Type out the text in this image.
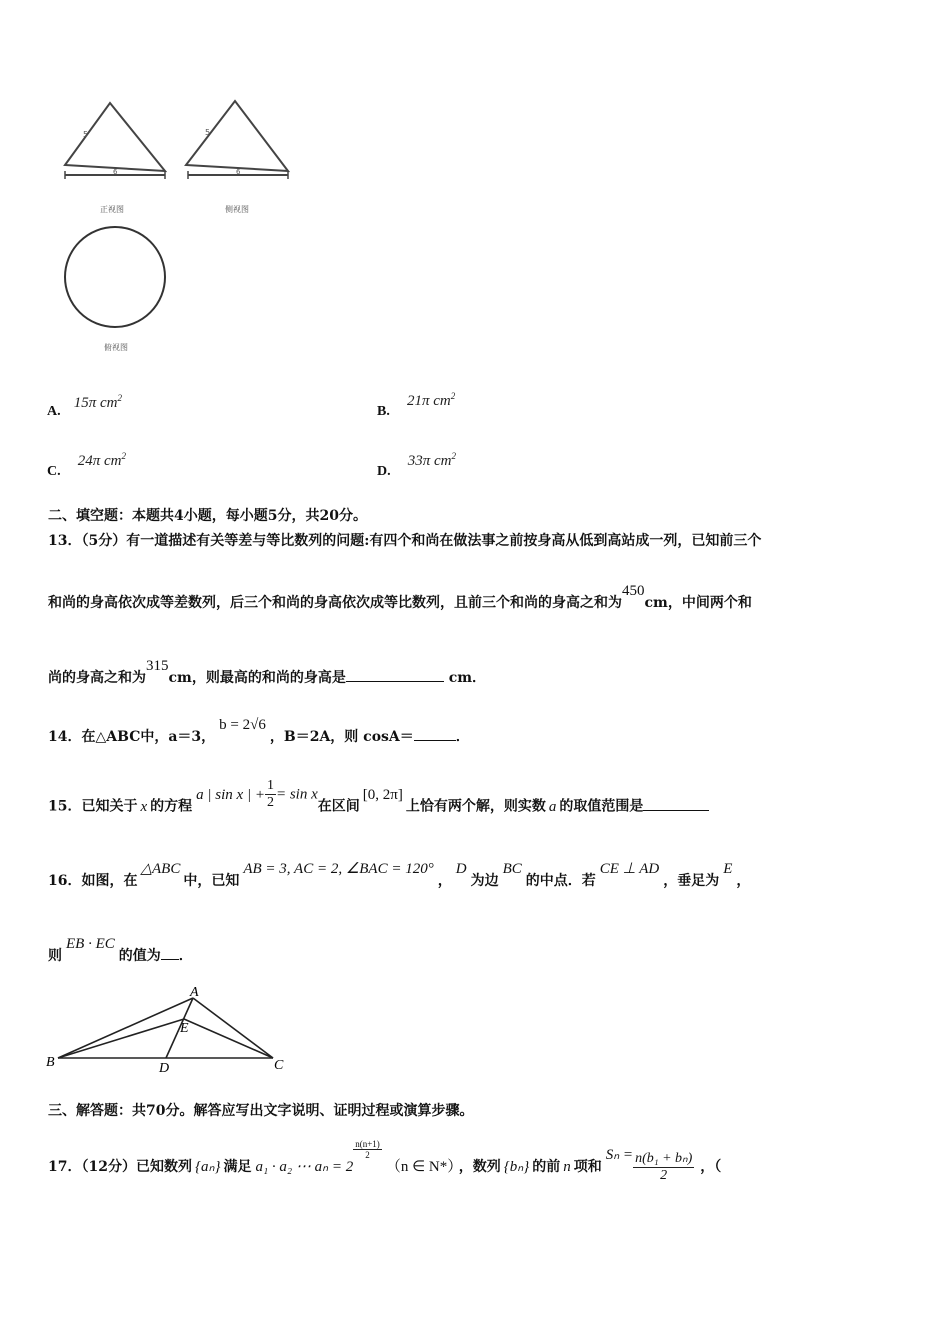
5
6
正视图
5
6
侧视图
俯视图
A. 15π $cm^2$
B. 21π $cm^2$
C. 24π $cm^2$
D. 33π $cm^2$
二、填空题：本题共4小题，每小题5分，共20分。
13．（5分）有一道描述有关等差与等比数列的问题:有四个和尚在做法事之前按身高从低到高站成一列，已知前三个
和尚的身高依次成等差数列，后三个和尚的身高依次成等比数列，且前三个和尚的身高之和为450cm，中间两个和
尚的身高之和为315cm，则最高的和尚的身高是	cm．
14．在△ABC中，a＝3，b = 2√6，B＝2A，则 cosA＝	．
15．已知关于 x 的方程a | sin x | + $\frac{1}{2} = \sin x$在区间[0, 2π]上恰有两个解，则实数 a 的取值范围是
16．如图，在△ABC中，已知AB = 3, AC = 2, ∠BAC = 120°，D为边BC的中点．若CE ⊥ AD，垂足为E，
则EB · EC的值为 ．
A
B	C
D
E
三、解答题：共70分。解答应写出文字说明、证明过程或演算步骤。
17．（12分）已知数列 {aₙ} 满足 a₁ · a₂ ⋯ aₙ = 2
$\frac{n(n+1)}{2}$
（n ∈ N*） ，数列 {bₙ} 的前 n 项和$S_n = \frac{\text{n(b₁ + bₙ)}}{2}$ ，（
